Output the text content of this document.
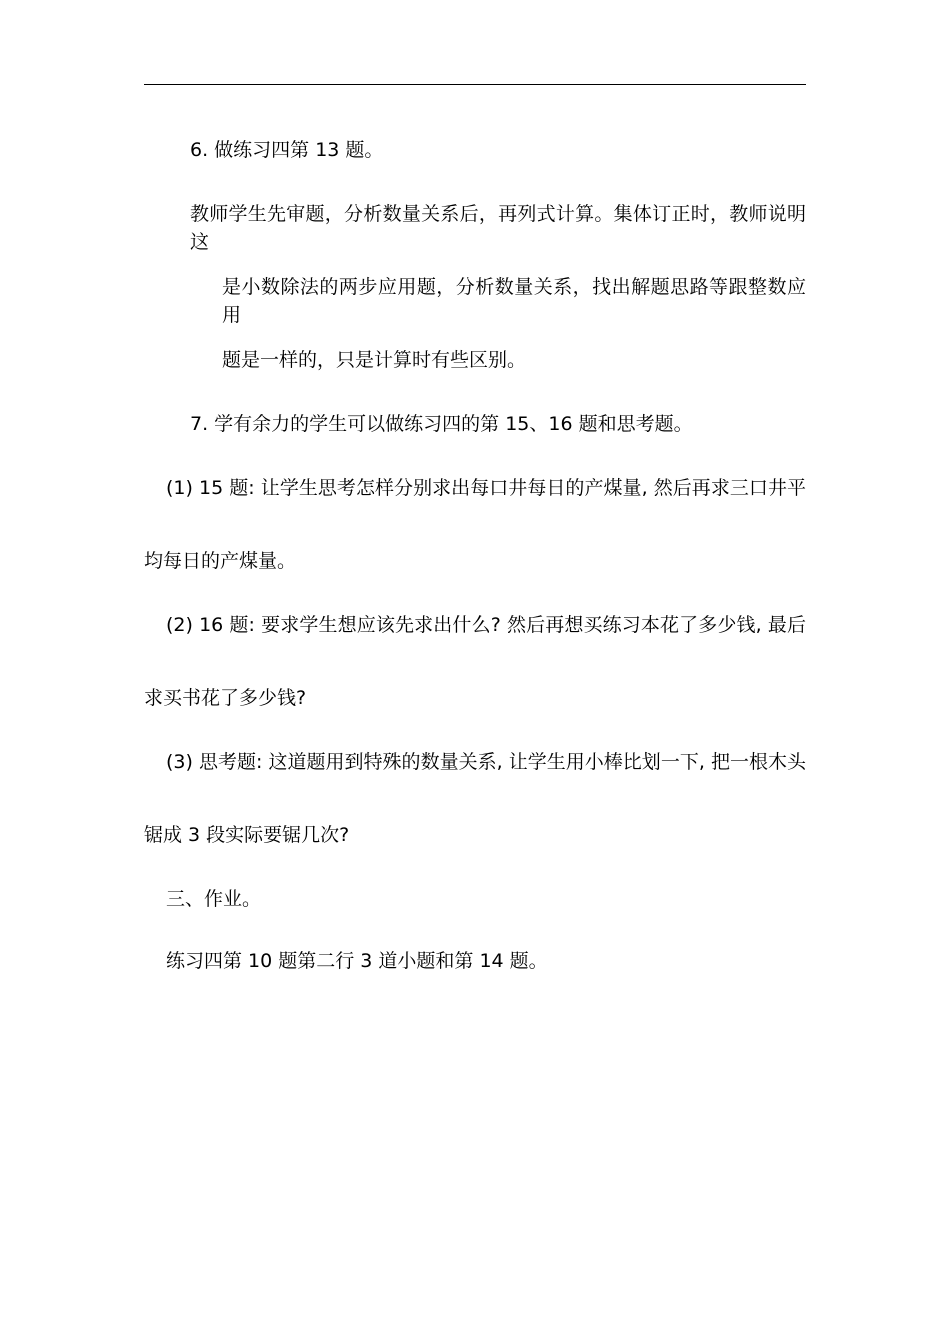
6. 做练习四第 13 题。

教师学生先审题，分析数量关系后，再列式计算。集体订正时，教师说明这

是小数除法的两步应用题，分析数量关系，找出解题思路等跟整数应用

题是一样的，只是计算时有些区别。

7. 学有余力的学生可以做练习四的第 15、16 题和思考题。

(1) 15 题: 让学生思考怎样分别求出每口井每日的产煤量, 然后再求三口井平

均每日的产煤量。

(2) 16 题: 要求学生想应该先求出什么? 然后再想买练习本花了多少钱, 最后

求买书花了多少钱?

(3) 思考题: 这道题用到特殊的数量关系, 让学生用小棒比划一下, 把一根木头

锯成 3 段实际要锯几次?

三、作业。

练习四第 10 题第二行 3 道小题和第 14 题。
